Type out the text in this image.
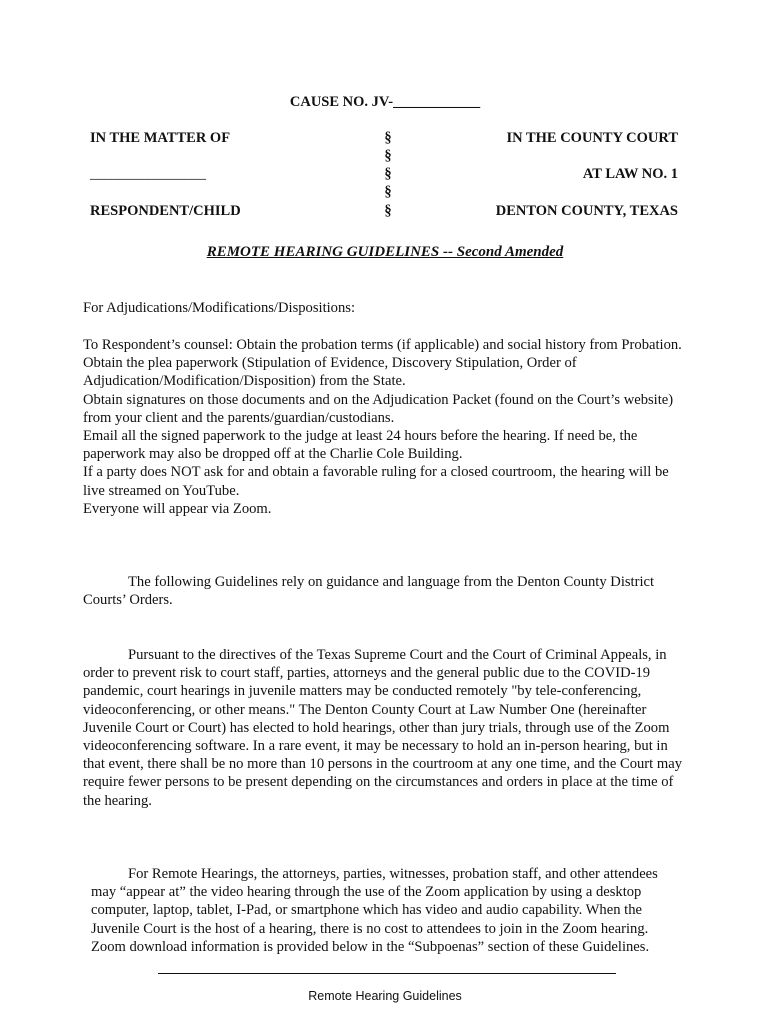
CAUSE NO. JV-____________
IN THE MATTER OF
________________
RESPONDENT/CHILD
§
§
§
§
§
IN THE COUNTY COURT
AT LAW NO. 1
DENTON COUNTY, TEXAS
REMOTE HEARING GUIDELINES -- Second Amended

For Adjudications/Modifications/Dispositions:

To Respondent’s counsel: Obtain the probation terms (if applicable) and social history from Probation.

Obtain the plea paperwork (Stipulation of Evidence, Discovery Stipulation, Order of Adjudication/Modification/Disposition) from the State.

Obtain signatures on those documents and on the Adjudication Packet (found on the Court’s website) from your client and the parents/guardian/custodians.

Email all the signed paperwork to the judge at least 24 hours before the hearing. If need be, the paperwork may also be dropped off at the Charlie Cole Building.

If a party does NOT ask for and obtain a favorable ruling for a closed courtroom, the hearing will be live streamed on YouTube.

Everyone will appear via Zoom.

The following Guidelines rely on guidance and language from the Denton County District Courts’ Orders.

Pursuant to the directives of the Texas Supreme Court and the Court of Criminal Appeals, in order to prevent risk to court staff, parties, attorneys and the general public due to the COVID-19 pandemic, court hearings in juvenile matters may be conducted remotely "by tele-conferencing, videoconferencing, or other means." The Denton County Court at Law Number One (hereinafter Juvenile Court or Court) has elected to hold hearings, other than jury trials, through use of the Zoom videoconferencing software. In a rare event, it may be necessary to hold an in-person hearing, but in that event, there shall be no more than 10 persons in the courtroom at any one time, and the Court may require fewer persons to be present depending on the circumstances and orders in place at the time of the hearing.

For Remote Hearings, the attorneys, parties, witnesses, probation staff, and other attendees may “appear at” the video hearing through the use of the Zoom application by using a desktop computer, laptop, tablet, I-Pad, or smartphone which has video and audio capability. When the Juvenile Court is the host of a hearing, there is no cost to attendees to join in the Zoom hearing. Zoom download information is provided below in the “Subpoenas” section of these Guidelines.

Remote Hearing Guidelines
